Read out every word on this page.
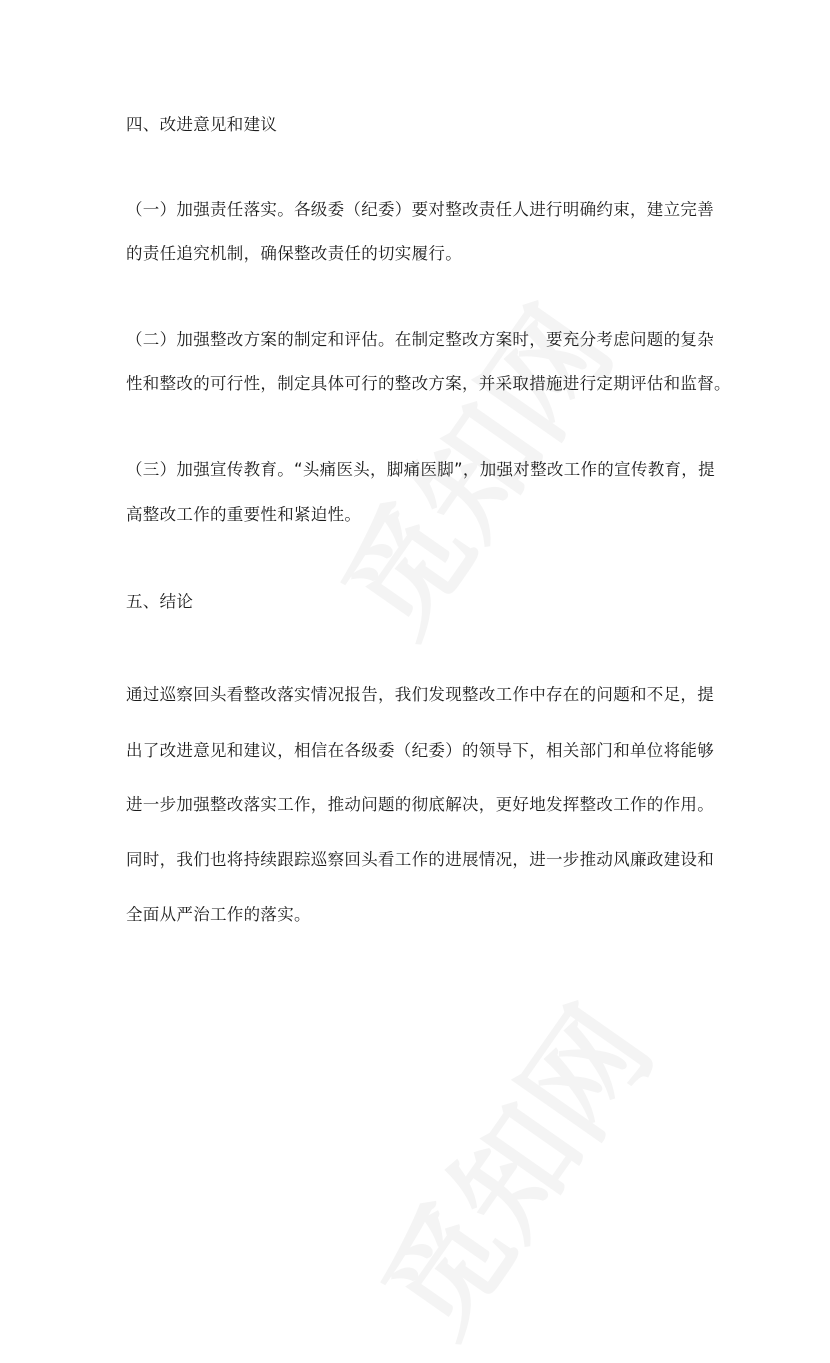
四、改进意见和建议
（一）加强责任落实。各级委（纪委）要对整改责任人进行明确约束，建立完善
的责任追究机制，确保整改责任的切实履行。
（二）加强整改方案的制定和评估。在制定整改方案时，要充分考虑问题的复杂
性和整改的可行性，制定具体可行的整改方案，并采取措施进行定期评估和监督。
（三）加强宣传教育。“头痛医头，脚痛医脚”，加强对整改工作的宣传教育，提
高整改工作的重要性和紧迫性。
五、结论
通过巡察回头看整改落实情况报告，我们发现整改工作中存在的问题和不足，提
出了改进意见和建议，相信在各级委（纪委）的领导下，相关部门和单位将能够
进一步加强整改落实工作，推动问题的彻底解决，更好地发挥整改工作的作用。
同时，我们也将持续跟踪巡察回头看工作的进展情况，进一步推动风廉政建设和
全面从严治工作的落实。
